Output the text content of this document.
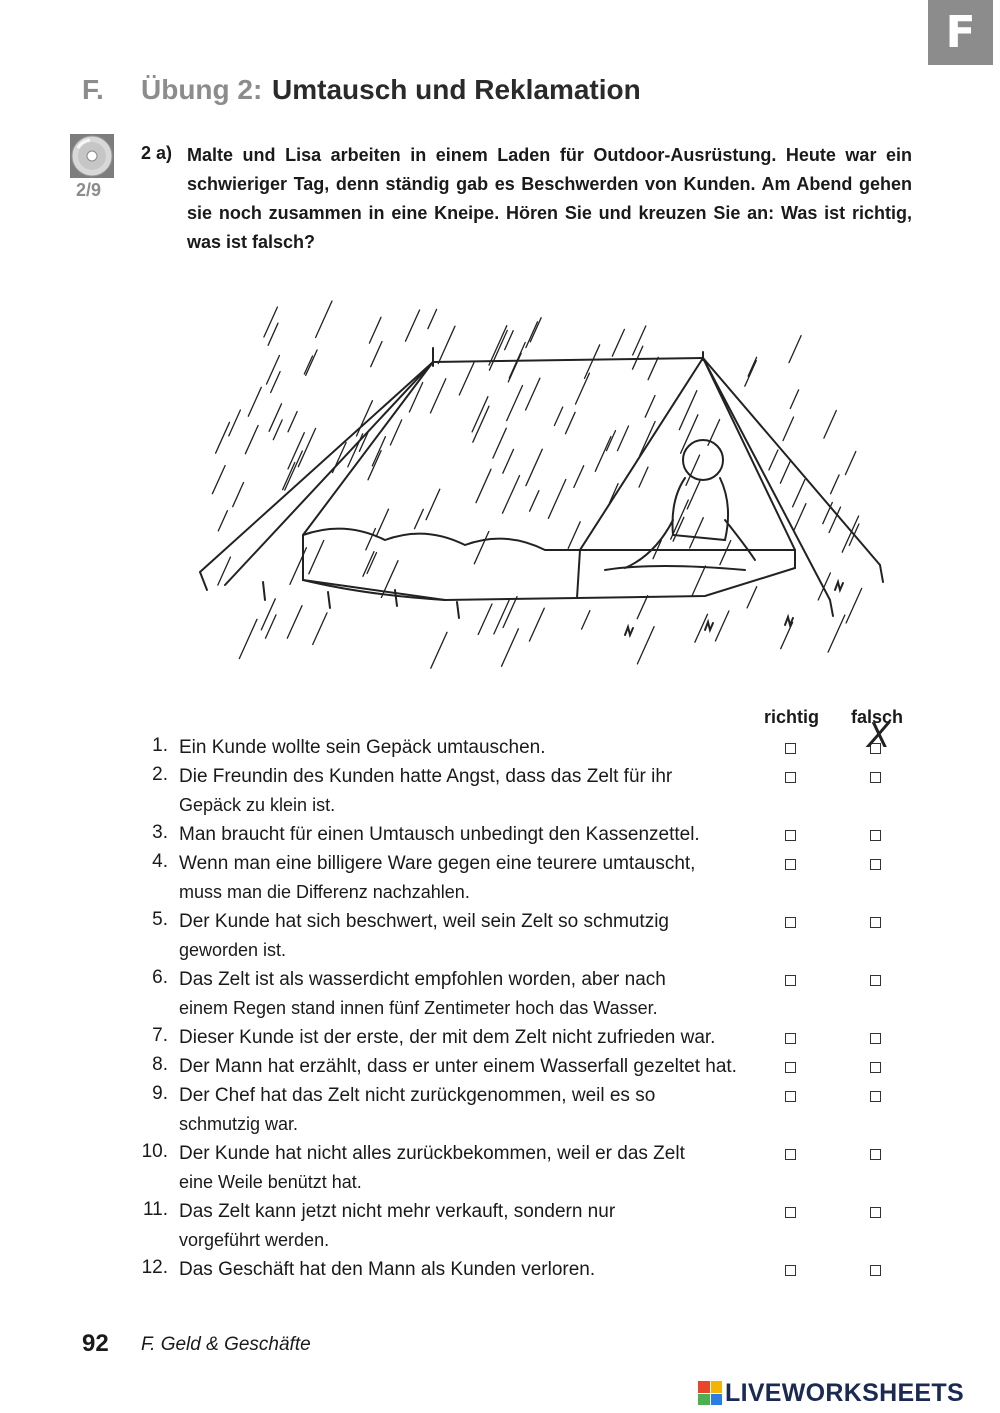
F
F. Übung 2: Umtausch und Reklamation
2/9
2 a) Malte und Lisa arbeiten in einem Laden für Outdoor-Ausrüstung. Heute war ein schwieriger Tag, denn ständig gab es Beschwerden von Kunden. Am Abend gehen sie noch zusammen in eine Kneipe. Hören Sie und kreuzen Sie an: Was ist richtig, was ist falsch?
richtig falsch
1. Ein Kunde wollte sein Gepäck umtauschen.
2. Die Freundin des Kunden hatte Angst, dass das Zelt für ihr
Gepäck zu klein ist.
3. Man braucht für einen Umtausch unbedingt den Kassenzettel.
4. Wenn man eine billigere Ware gegen eine teurere umtauscht,
muss man die Differenz nachzahlen.
5. Der Kunde hat sich beschwert, weil sein Zelt so schmutzig
geworden ist.
6. Das Zelt ist als wasserdicht empfohlen worden, aber nach
einem Regen stand innen fünf Zentimeter hoch das Wasser.
7. Dieser Kunde ist der erste, der mit dem Zelt nicht zufrieden war.
8. Der Mann hat erzählt, dass er unter einem Wasserfall gezeltet hat.
9. Der Chef hat das Zelt nicht zurückgenommen, weil es so
schmutzig war.
10. Der Kunde hat nicht alles zurückbekommen, weil er das Zelt
eine Weile benützt hat.
11. Das Zelt kann jetzt nicht mehr verkauft, sondern nur
vorgeführt werden.
12. Das Geschäft hat den Mann als Kunden verloren.
X
92 F. Geld & Geschäfte
LIVEWORKSHEETS
